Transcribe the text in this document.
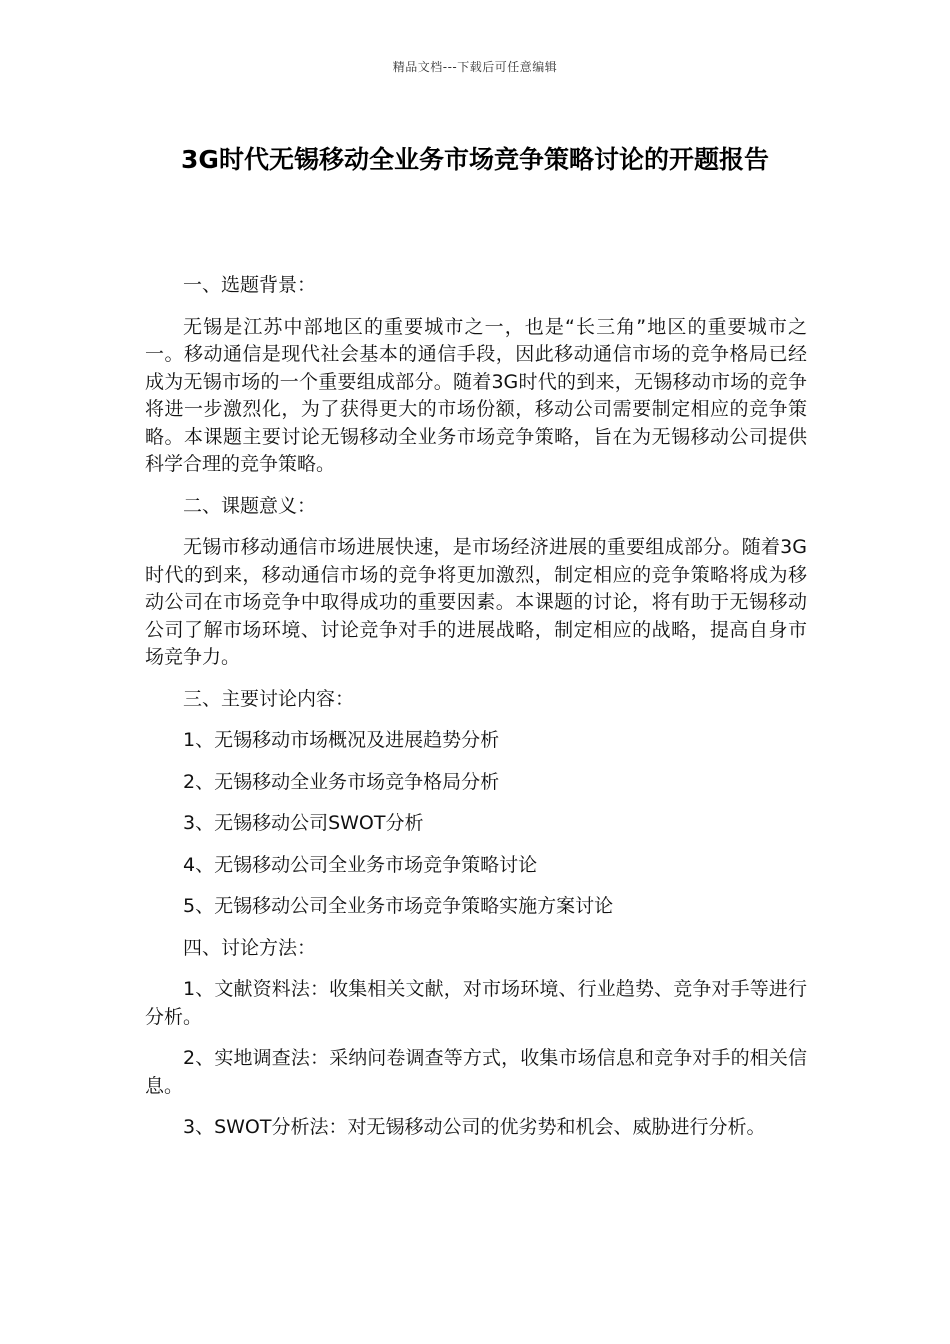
精品文档---下载后可任意编辑
3G时代无锡移动全业务市场竞争策略讨论的开题报告

一、选题背景：

无锡是江苏中部地区的重要城市之一，也是“长三角”地区的重要城市之一。移动通信是现代社会基本的通信手段，因此移动通信市场的竞争格局已经成为无锡市场的一个重要组成部分。随着3G时代的到来，无锡移动市场的竞争将进一步激烈化，为了获得更大的市场份额，移动公司需要制定相应的竞争策略。本课题主要讨论无锡移动全业务市场竞争策略，旨在为无锡移动公司提供科学合理的竞争策略。

二、课题意义：

无锡市移动通信市场进展快速，是市场经济进展的重要组成部分。随着3G时代的到来，移动通信市场的竞争将更加激烈，制定相应的竞争策略将成为移动公司在市场竞争中取得成功的重要因素。本课题的讨论，将有助于无锡移动公司了解市场环境、讨论竞争对手的进展战略，制定相应的战略，提高自身市场竞争力。

三、主要讨论内容：

1、无锡移动市场概况及进展趋势分析

2、无锡移动全业务市场竞争格局分析

3、无锡移动公司SWOT分析

4、无锡移动公司全业务市场竞争策略讨论

5、无锡移动公司全业务市场竞争策略实施方案讨论

四、讨论方法：

1、文献资料法：收集相关文献，对市场环境、行业趋势、竞争对手等进行分析。

2、实地调查法：采纳问卷调查等方式，收集市场信息和竞争对手的相关信息。

3、SWOT分析法：对无锡移动公司的优劣势和机会、威胁进行分析。
